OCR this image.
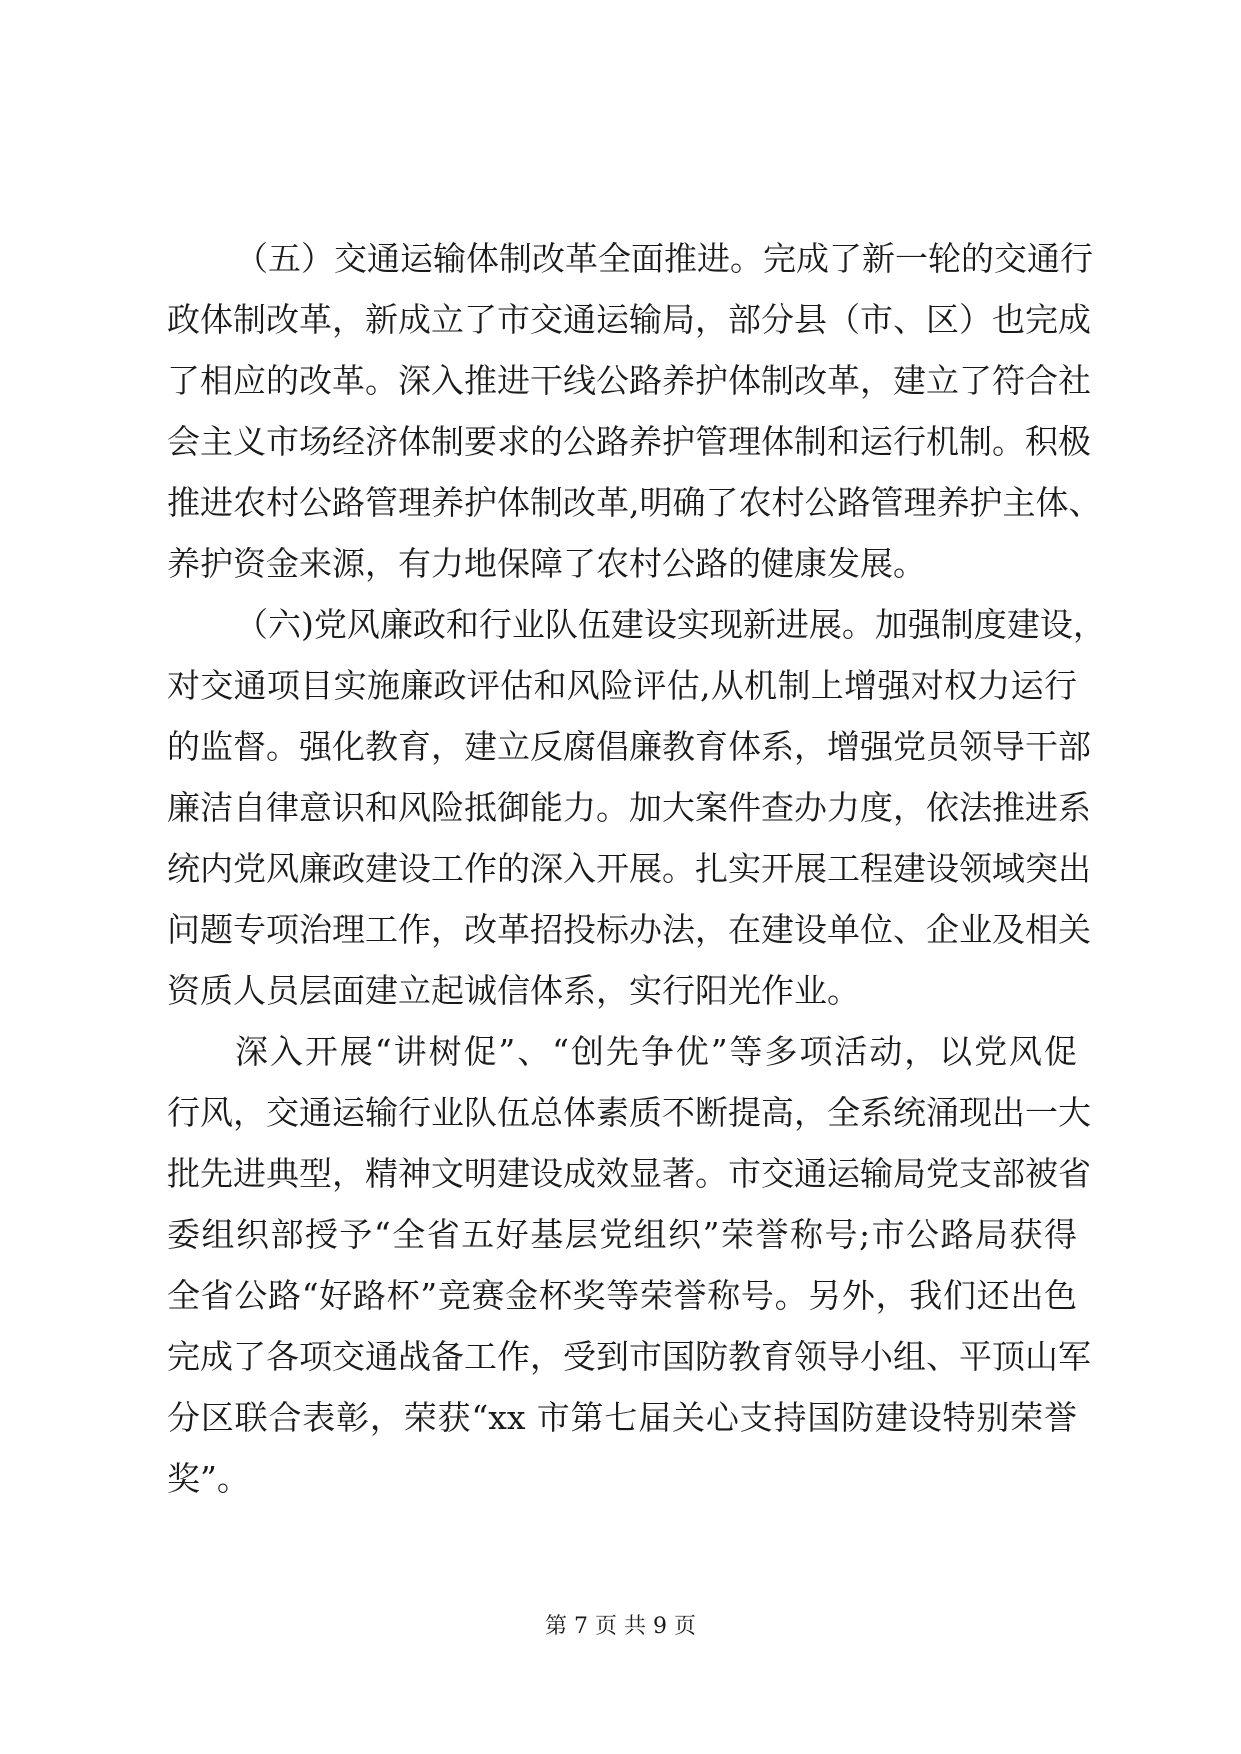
（五）交通运输体制改革全面推进。完成了新一轮的交通行
政体制改革，新成立了市交通运输局，部分县（市、区）也完成
了相应的改革。深入推进干线公路养护体制改革，建立了符合社
会主义市场经济体制要求的公路养护管理体制和运行机制。积极
推进农村公路管理养护体制改革,明确了农村公路管理养护主体、
养护资金来源，有力地保障了农村公路的健康发展。
（六)党风廉政和行业队伍建设实现新进展。加强制度建设，
对交通项目实施廉政评估和风险评估,从机制上增强对权力运行
的监督。强化教育，建立反腐倡廉教育体系，增强党员领导干部
廉洁自律意识和风险抵御能力。加大案件查办力度，依法推进系
统内党风廉政建设工作的深入开展。扎实开展工程建设领域突出
问题专项治理工作，改革招投标办法，在建设单位、企业及相关
资质人员层面建立起诚信体系，实行阳光作业。
深入开展“讲树促”、“创先争优”等多项活动，以党风促
行风，交通运输行业队伍总体素质不断提高，全系统涌现出一大
批先进典型，精神文明建设成效显著。市交通运输局党支部被省
委组织部授予“全省五好基层党组织”荣誉称号;市公路局获得
全省公路“好路杯”竞赛金杯奖等荣誉称号。另外，我们还出色
完成了各项交通战备工作，受到市国防教育领导小组、平顶山军
分区联合表彰，荣获“xx 市第七届关心支持国防建设特别荣誉
奖”。
第 7 页 共 9 页
